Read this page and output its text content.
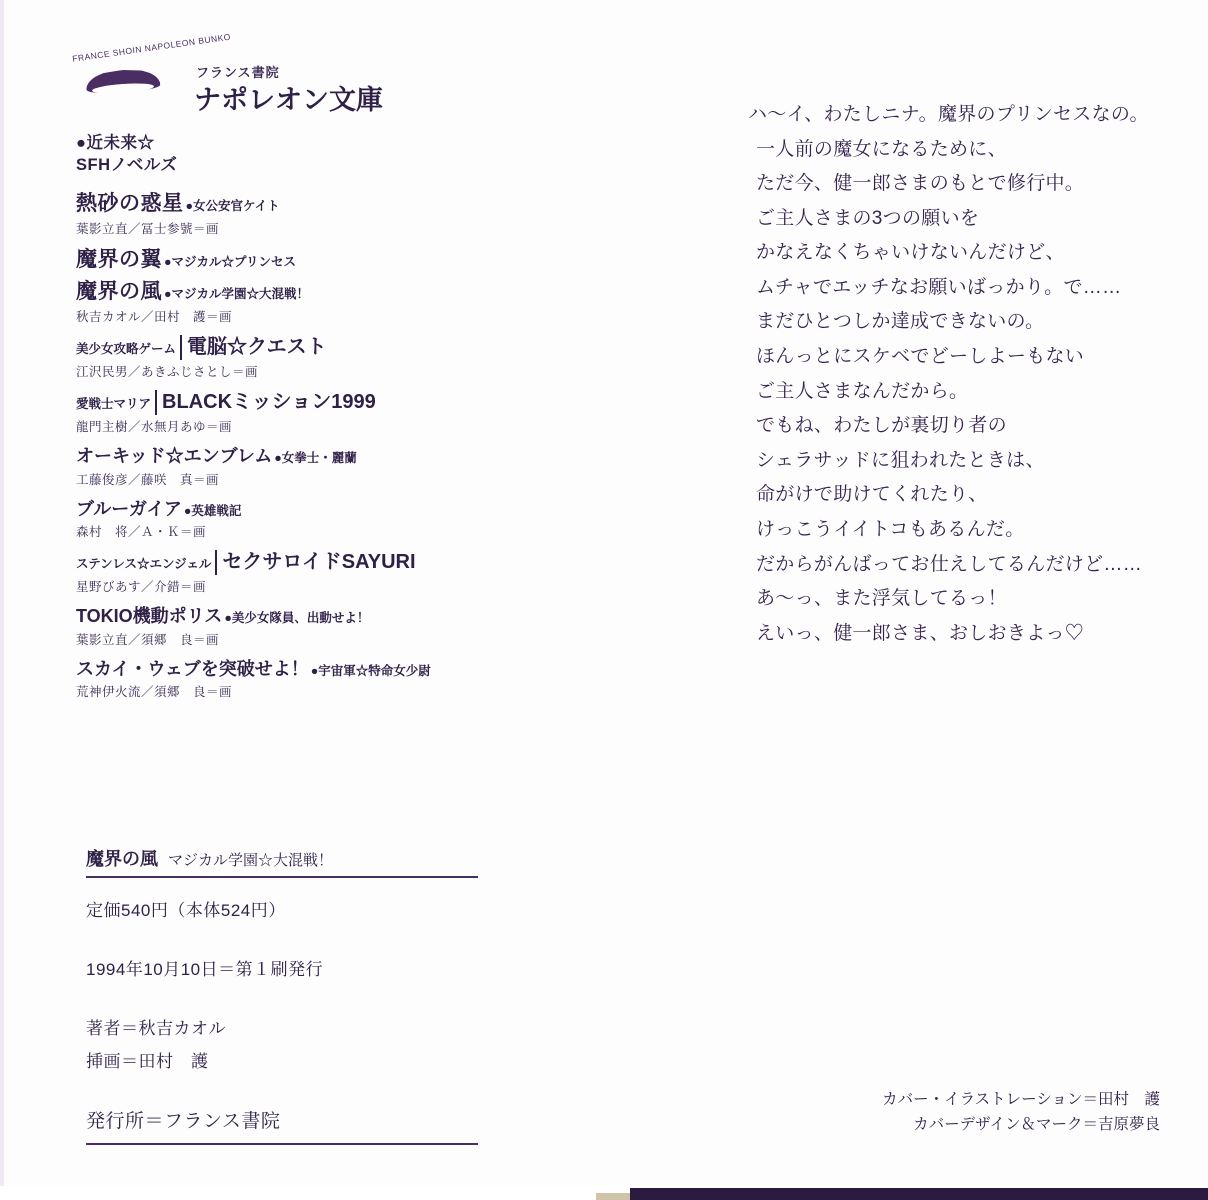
FRANCE SHOIN NAPOLEON BUNKO
フランス書院
ナポレオン文庫
●近未来☆
SFHノベルズ
熱砂の惑星 ●女公安官ケイト
葉影立直／冨士参號＝画
魔界の翼 ●マジカル☆プリンセス
魔界の風 ●マジカル学園☆大混戦！
秋吉カオル／田村　護＝画
美少女攻略ゲーム 電脳☆クエスト
江沢民男／あきふじさとし＝画
愛戦士マリア BLACKミッション1999
龍門主樹／水無月あゆ＝画
オーキッド☆エンブレム ●女拳士・麗蘭
工藤俊彦／藤咲　真＝画
ブルーガイア ●英雄戦記
森村　将／Ａ・Ｋ＝画
ステンレス☆エンジェル セクサロイドSAYURI
星野びあす／介錯＝画
TOKIO機動ポリス ●美少女隊員、出動せよ！
葉影立直／須郷　良＝画
スカイ・ウェブを突破せよ！ ●宇宙軍☆特命女少尉
荒神伊火流／須郷　良＝画
ハ〜イ、わたしニナ。魔界のプリンセスなの。
一人前の魔女になるために、
ただ今、健一郎さまのもとで修行中。
ご主人さまの3つの願いを
かなえなくちゃいけないんだけど、
ムチャでエッチなお願いばっかり。で……
まだひとつしか達成できないの。
ほんっとにスケベでどーしよーもない
ご主人さまなんだから。
でもね、わたしが裏切り者の
シェラサッドに狙われたときは、
命がけで助けてくれたり、
けっこうイイトコもあるんだ。
だからがんばってお仕えしてるんだけど……
あ〜っ、また浮気してるっ！
えいっ、健一郎さま、おしおきよっ♡
魔界の風 マジカル学園☆大混戦！
定価540円（本体524円）
1994年10月10日＝第１刷発行
著者＝秋吉カオル
挿画＝田村　護
発行所＝フランス書院
カバー・イラストレーション＝田村　護
カバーデザイン＆マーク＝吉原夢良
